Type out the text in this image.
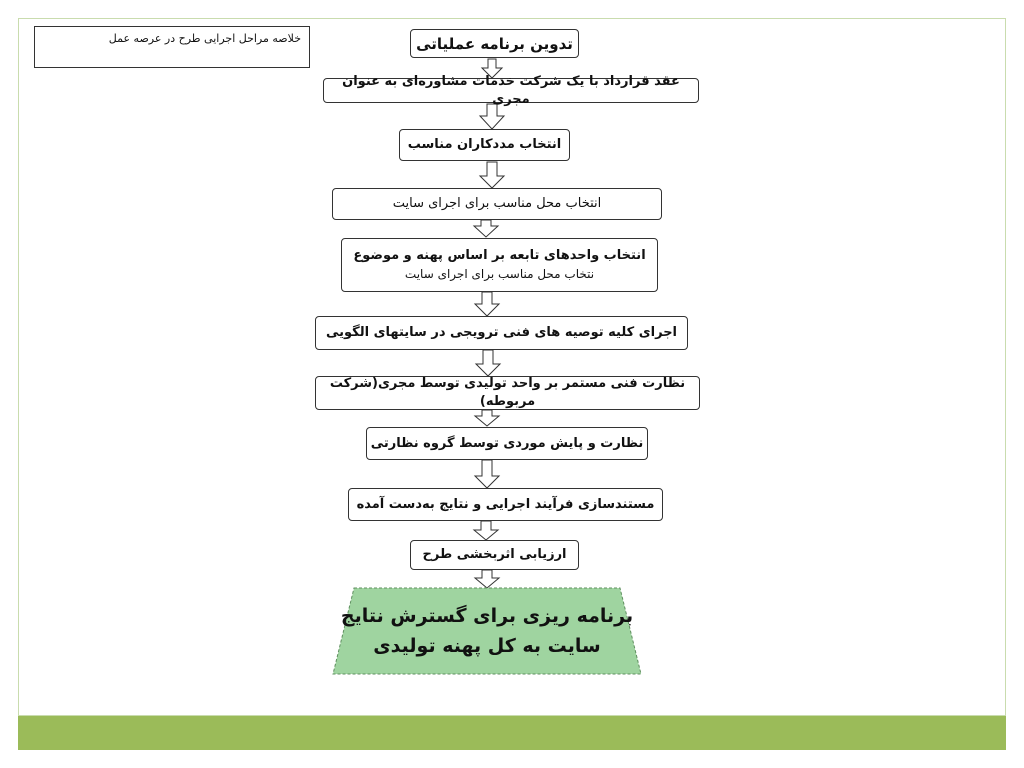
خلاصه مراحل اجرایی طرح در عرصه عمل	تدوین برنامه عملیاتی
عقد قرارداد با یک شرکت خدمات مشاوره‌ای به عنوان مجری
انتخاب مددکاران مناسب
انتخاب محل مناسب برای اجرای سایت
انتخاب واحدهای تابعه بر اساس پهنه و موضوع
نتخاب محل مناسب برای اجرای سایت
اجرای کلیه توصیه های فنی ترویجی در سایتهای الگویی
نظارت فنی مستمر بر واحد تولیدی توسط مجری(شرکت مربوطه)
نظارت و پایش موردی توسط گروه نظارتی
مستندسازی فرآیند اجرایی و نتایج به‌دست آمده
ارزیابی اثربخشی طرح
برنامه ریزی برای گسترش نتایج
سایت به کل پهنه تولیدی
